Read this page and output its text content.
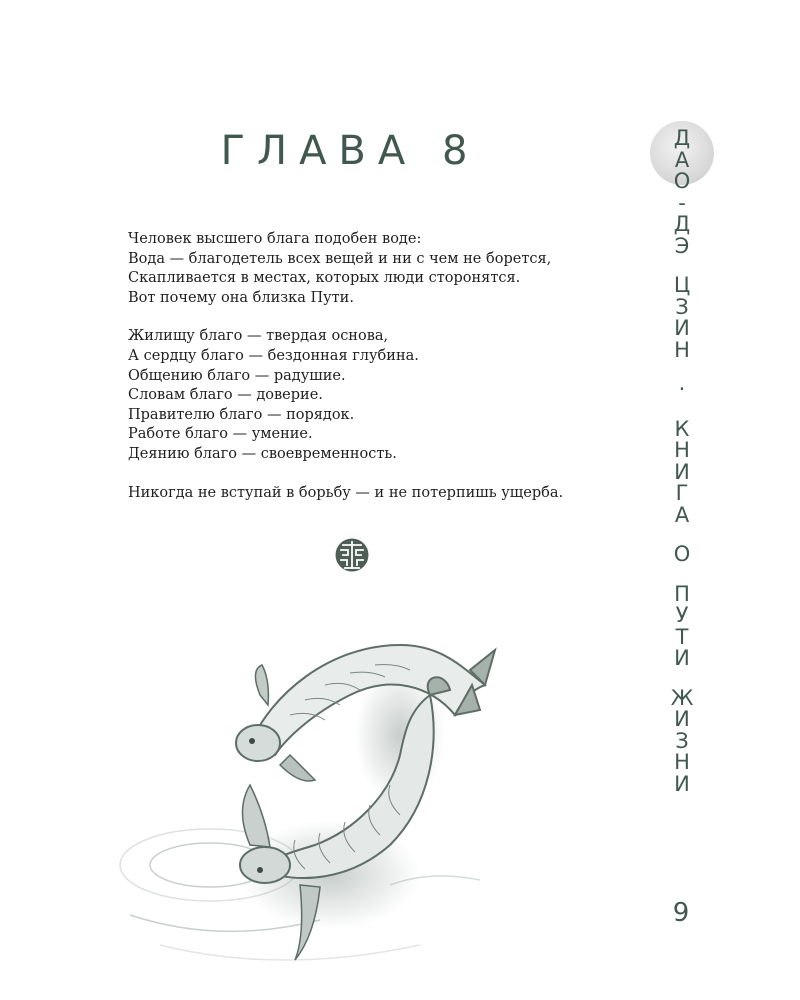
ГЛАВА 8
Человек высшего блага подобен воде:
Вода — благодетель всех вещей и ни с чем не борется,
Скапливается в местах, которых люди сторонятся.
Вот почему она близка Пути.
Жилищу благо — твердая основа,
А сердцу благо — бездонная глубина.
Общению благо — радушие.
Словам благо — доверие.
Правителю благо — порядок.
Работе благо — умение.
Деянию благо — своевременность.
Никогда не вступай в борьбу — и не потерпишь ущерба.
Д
А
О
-
Д
Э
Ц
З
И
Н
·
К
Н
И
Г
А
О
П
У
Т
И
Ж
И
З
Н
И
9
